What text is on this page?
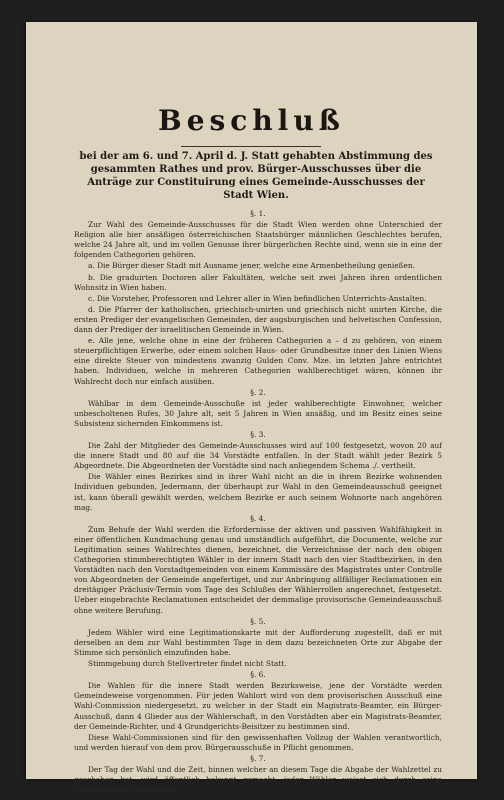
Beschluß
bei der am 6. und 7. April d. J. Statt gehabten Abstimmung des gesammten Rathes und prov. Bürger-Ausschusses über die Anträge zur Constituirung eines Gemeinde-Ausschusses der Stadt Wien.
§. 1.

Zur Wahl des Gemeinde-Ausschusses für die Stadt Wien werden ohne Unterschied der Religion alle hier ansäßigen österreichischen Staatsbürger männlichen Geschlechtes berufen, welche 24 Jahre alt, und im vollen Genusse ihrer bürgerlichen Rechte sind, wenn sie in eine der folgenden Cathegorien gehören.

a. Die Bürger dieser Stadt mit Ausname jener, welche eine Armenbetheilung genießen.

b. Die graduirten Doctoren aller Fakultäten, welche seit zwei Jahren ihren ordentlichen Wohnsitz in Wien haben.

c. Die Vorsteher, Professoren und Lehrer aller in Wien befindlichen Unterrichts-Anstalten.

d. Die Pfarrer der katholischen, griechisch-unirten und griechisch nicht unirten Kirche, die ersten Prediger der evangelischen Gemeinden, der augsburgischen und helvetischen Confession, dann der Prediger der israelitischen Gemeinde in Wien.

e. Alle jene, welche ohne in eine der früheren Cathegorien a – d zu gehören, von einem steuerpflichtigen Erwerbe, oder einem solchen Haus- oder Grundbesitze inner den Linien Wiens eine direkte Steuer von mindestens zwanzig Gulden Conv. Mze. im letzten Jahre entrichtet haben. Individuen, welche in mehreren Cathegorien wahlberechtiget wären, können ihr Wahlrecht doch nur einfach ausüben.

§. 2.

Wählbar in dem Gemeinde-Ausschuße ist jeder wahlberechtigte Einwohner, welcher unbescholtenen Rufes, 30 Jahre alt, seit 5 Jahren in Wien ansäßig, und im Besitz eines seine Subsistenz sichernden Einkommens ist.

§. 3.

Die Zahl der Mitglieder des Gemeinde-Ausschusses wird auf 100 festgesetzt, wovon 20 auf die innere Stadt und 80 auf die 34 Vorstädte entfallen. In der Stadt wählt jeder Bezirk 5 Abgeordnete. Die Abgeordneten der Vorstädte sind nach anliegendem Schema ./. vertheilt.

Die Wähler eines Bezirkes sind in ihrer Wahl nicht an die in ihrem Bezirke wohnenden Individuen gebunden, Jedermann, der überhaupt zur Wahl in den Gemeindeausschuß geeignet ist, kann überall gewählt werden, welchem Bezirke er auch seinem Wohnorte nach angehören mag.

§. 4.

Zum Behufe der Wahl werden die Erfordernisse der aktiven und passiven Wahlfähigkeit in einer öffentlichen Kundmachung genau und umständlich aufgeführt, die Documente, welche zur Legitimation seines Wahlrechtes dienen, bezeichnet, die Verzeichnisse der nach den obigen Cathegorien stimmberechtigten Wähler in der innern Stadt nach den vier Stadtbezirken, in den Vorstädten nach den Vorstadtgemeinden von einem Kommissäre des Magistrates unter Controlle von Abgeordneten der Gemeinde angefertiget, und zur Anbringung allfälliger Reclamationen ein dreitägiger Präclusiv-Termin vom Tage des Schlußes der Wählerrollen angerechnet, festgesetzt. Ueber eingebrachte Reclamationen entscheidet der demmalige provisorische Gemeindeausschuß ohne weitere Berufung.

§. 5.

Jedem Wähler wird eine Legitimationskarte mit der Aufforderung zugestellt, daß er mit derselben an dem zur Wahl bestimmten Tage in dem dazu bezeichneten Orte zur Abgabe der Stimme sich persönlich einzufinden habe.

Stimmgebung durch Stellvertreter findet nicht Statt.

§. 6.

Die Wahlen für die innere Stadt werden Bezirksweise, jene der Vorstädte werden Gemeindeweise vorgenommen. Für jeden Wahlort wird von dem provisorischen Ausschuß eine Wahl-Commission niedergesetzt, zu welcher in der Stadt ein Magistrats-Beamter, ein Bürger-Ausschuß, dann 4 Glieder aus der Wählerschaft, in den Vorstädten aber ein Magistrats-Beamter, der Gemeinde-Richter, und 4 Grundgerichts-Beisitzer zu bestimmen sind.

Diese Wahl-Commissionen sind für den gewissenhaften Vollzug der Wahlen verantwortlich, und werden hierauf von dem prov. Bürgerausschuße in Pflicht genommen.

§. 7.

Der Tag der Wahl und die Zeit, binnen welcher an diesem Tage die Abgabe der Wahlzettel zu geschehen hat, wird öffentlich bekannt gemacht, jeder Wähler weiset sich durch seine Legitimations-Urkunde aus.
